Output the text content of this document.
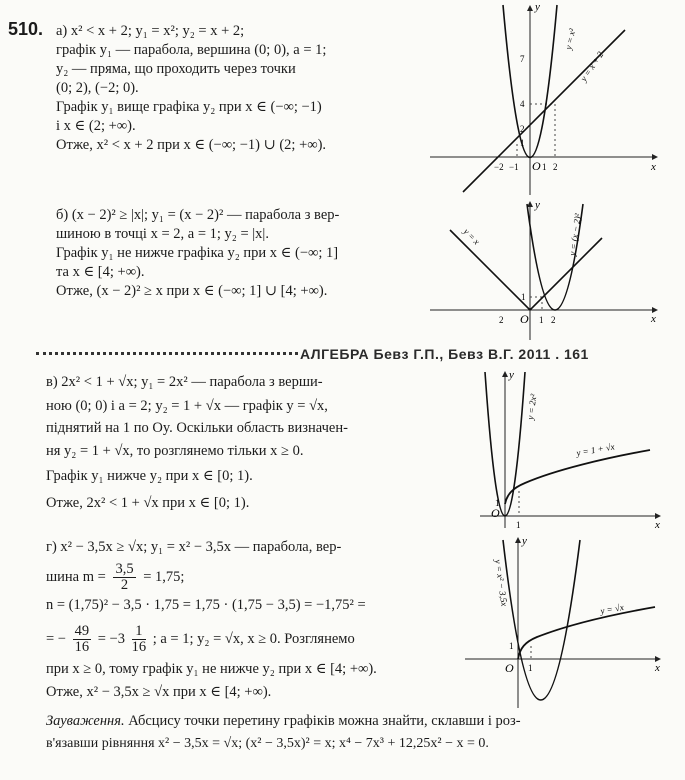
510. а) x² < x + 2; y₁ = x²; y₂ = x + 2;
графік y₁ — парабола, вершина (0; 0), a = 1;
y₂ — пряма, що проходить через точки
(0; 2), (−2; 0).
Графік y₁ вище графіка y₂ при x ∈ (−∞; −1)
і x ∈ (2; +∞).
Отже, x² < x + 2 при x ∈ (−∞; −1) ∪ (2; +∞).
y
x
O
7
4
2
1
−2 −1	1 2
y = x²
y = x + 2
б) (x − 2)² ≥ |x|; y₁ = (x − 2)² — парабола з вер-
шиною в точці x = 2, a = 1; y₂ = |x|.
Графік y₁ не нижче графіка y₂ при x ∈ (−∞; 1]
та x ∈ [4; +∞).
Отже, (x − 2)² ≥ x при x ∈ (−∞; 1] ∪ [4; +∞).
y
x
O
1
2	1 2
y = x	y = (x − 2)²
АЛГЕБРА Бевз Г.П., Бевз В.Г. 2011 . 161
в) 2x² < 1 + √x; y₁ = 2x² — парабола з верши-
ною (0; 0) і a = 2; y₂ = 1 + √x — графік y = √x,
піднятий на 1 по Oy. Оскільки область визначен-
ня y₂ = 1 + √x, то розглянемо тільки x ≥ 0.
Графік y₁ нижче y₂ при x ∈ [0; 1).
Отже, 2x² < 1 + √x при x ∈ [0; 1).
y
x
O
1
1
y = 2x²
y = 1 + √x
г) x² − 3,5x ≥ √x; y₁ = x² − 3,5x — парабола, вер-
шина $m = \frac{3,5}{2} = 1,75$;
n = (1,75)² − 3,5 · 1,75 = 1,75 · (1,75 − 3,5) = −1,75² =
= − $\frac{49}{16} = -3 \frac{1}{16}$ ; a = 1; y₂ = √x, x ≥ 0. Розглянемо
при x ≥ 0, тому графік y₁ не нижче y₂ при x ∈ [4; +∞).
Отже, x² − 3,5x ≥ √x при x ∈ [4; +∞).
y
x
O
1
1
y = x² − 3,5x
y = √x
Зауваження. Абсцису точки перетину графіків можна знайти, склавши і роз-
в'язавши рівняння x² − 3,5x = √x; (x² − 3,5x)² = x; x⁴ − 7x³ + 12,25x² − x = 0.
